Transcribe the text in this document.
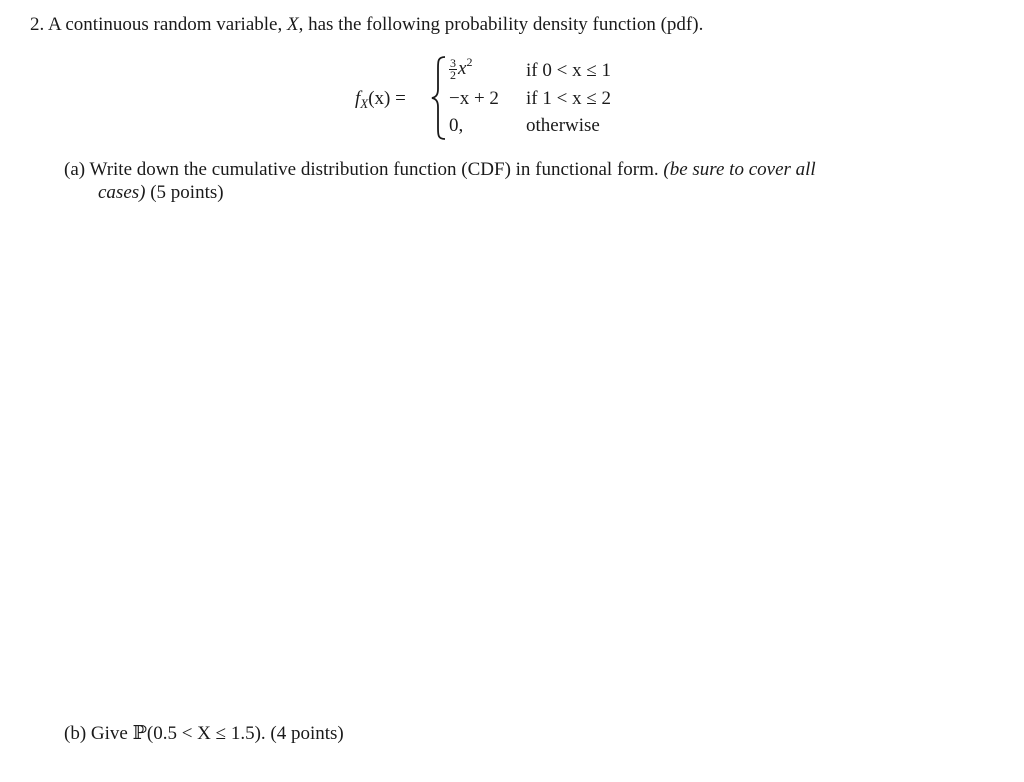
2. A continuous random variable, X, has the following probability density function (pdf).
$f_X(x)$ =
$\frac{3}{2} x^2$	if 0 < x ≤ 1
−x + 2 if 1 < x ≤ 2
0,	otherwise
(a) Write down the cumulative distribution function (CDF) in functional form. (be sure to cover all
cases) (5 points)
(b) Give ℙ(0.5 < X ≤ 1.5). (4 points)
